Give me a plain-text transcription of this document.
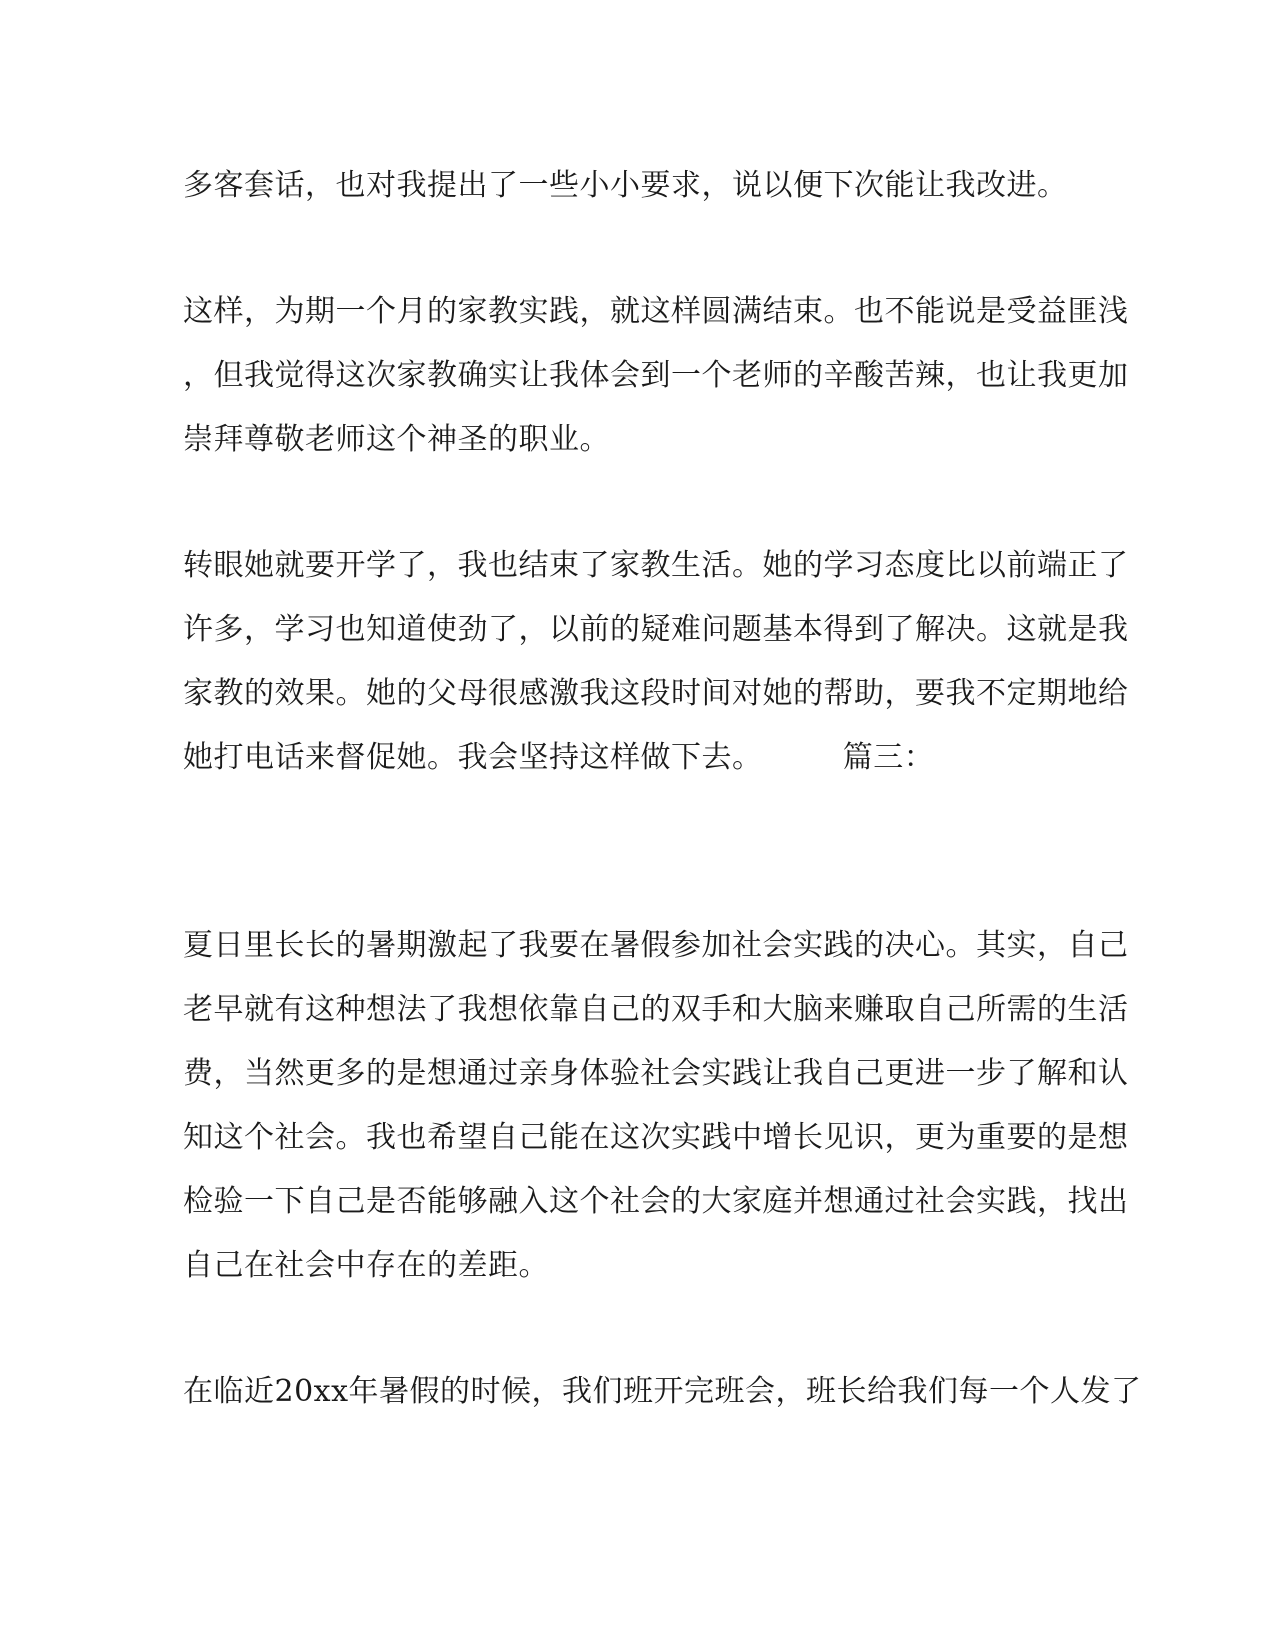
多客套话，也对我提出了一些小小要求，说以便下次能让我改进。
这样，为期一个月的家教实践，就这样圆满结束。也不能说是受益匪浅
，但我觉得这次家教确实让我体会到一个老师的辛酸苦辣，也让我更加
崇拜尊敬老师这个神圣的职业。
转眼她就要开学了，我也结束了家教生活。她的学习态度比以前端正了
许多，学习也知道使劲了，以前的疑难问题基本得到了解决。这就是我
家教的效果。她的父母很感激我这段时间对她的帮助，要我不定期地给
她打电话来督促她。我会坚持这样做下去。        篇三：
夏日里长长的暑期激起了我要在暑假参加社会实践的决心。其实，自己
老早就有这种想法了我想依靠自己的双手和大脑来赚取自己所需的生活
费，当然更多的是想通过亲身体验社会实践让我自己更进一步了解和认
知这个社会。我也希望自己能在这次实践中增长见识，更为重要的是想
检验一下自己是否能够融入这个社会的大家庭并想通过社会实践，找出
自己在社会中存在的差距。
在临近20xx年暑假的时候，我们班开完班会，班长给我们每一个人发了
